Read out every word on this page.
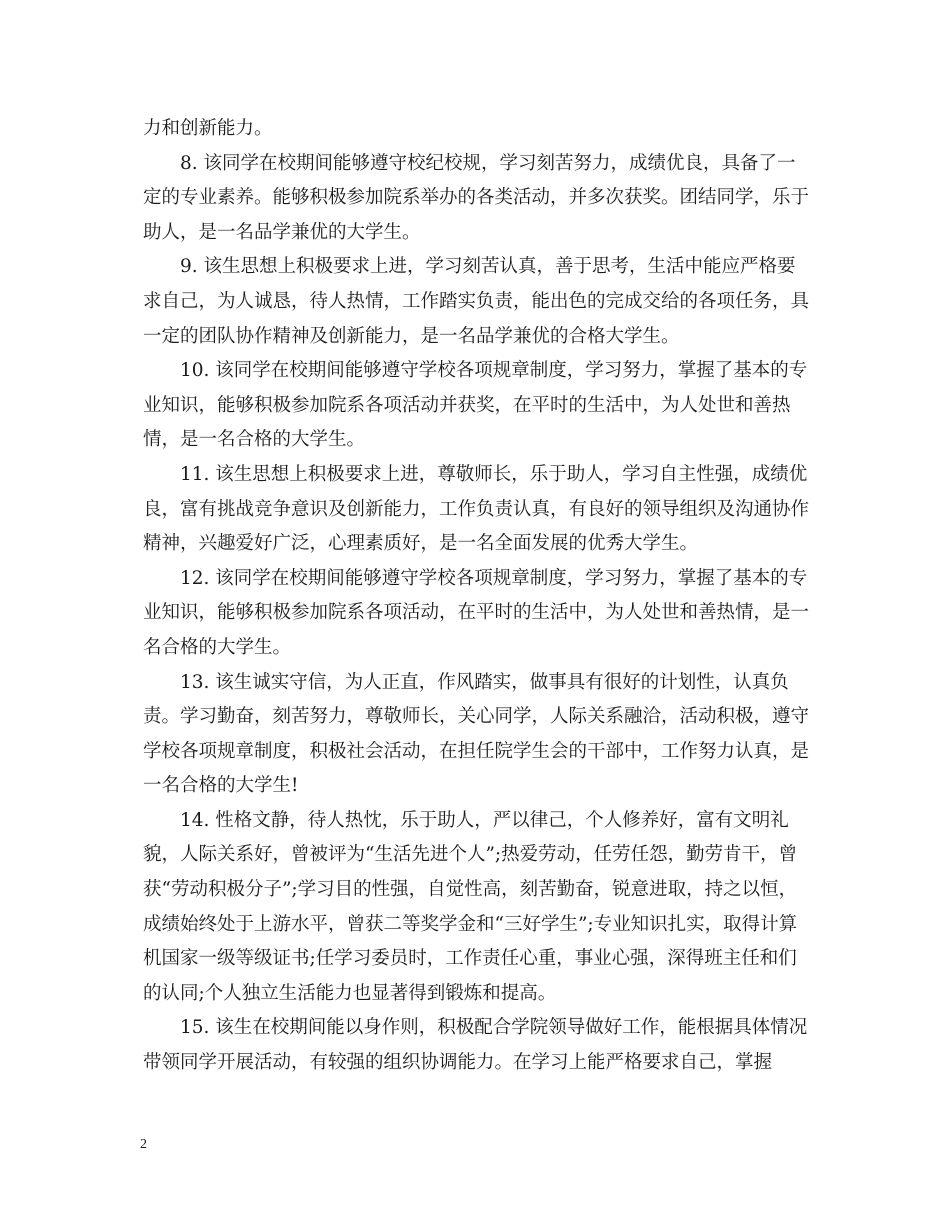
力和创新能力。

8. 该同学在校期间能够遵守校纪校规，学习刻苦努力，成绩优良，具备了一定的专业素养。能够积极参加院系举办的各类活动，并多次获奖。团结同学，乐于助人，是一名品学兼优的大学生。

9. 该生思想上积极要求上进，学习刻苦认真，善于思考，生活中能应严格要求自己，为人诚恳，待人热情，工作踏实负责，能出色的完成交给的各项任务，具一定的团队协作精神及创新能力，是一名品学兼优的合格大学生。

10. 该同学在校期间能够遵守学校各项规章制度，学习努力，掌握了基本的专业知识，能够积极参加院系各项活动并获奖，在平时的生活中，为人处世和善热情，是一名合格的大学生。

11. 该生思想上积极要求上进，尊敬师长，乐于助人，学习自主性强，成绩优良，富有挑战竞争意识及创新能力，工作负责认真，有良好的领导组织及沟通协作精神，兴趣爱好广泛，心理素质好，是一名全面发展的优秀大学生。

12. 该同学在校期间能够遵守学校各项规章制度，学习努力，掌握了基本的专业知识，能够积极参加院系各项活动，在平时的生活中，为人处世和善热情，是一名合格的大学生。

13. 该生诚实守信，为人正直，作风踏实，做事具有很好的计划性，认真负责。学习勤奋，刻苦努力，尊敬师长，关心同学，人际关系融洽，活动积极，遵守学校各项规章制度，积极社会活动，在担任院学生会的干部中，工作努力认真，是一名合格的大学生!

14. 性格文静，待人热忱，乐于助人，严以律己，个人修养好，富有文明礼貌，人际关系好，曾被评为“生活先进个人”;热爱劳动，任劳任怨，勤劳肯干，曾获“劳动积极分子”;学习目的性强，自觉性高，刻苦勤奋，锐意进取，持之以恒，成绩始终处于上游水平，曾获二等奖学金和“三好学生”;专业知识扎实，取得计算机国家一级等级证书;任学习委员时，工作责任心重，事业心强，深得班主任和们的认同;个人独立生活能力也显著得到锻炼和提高。

15. 该生在校期间能以身作则，积极配合学院领导做好工作，能根据具体情况带领同学开展活动，有较强的组织协调能力。在学习上能严格要求自己，掌握

2
